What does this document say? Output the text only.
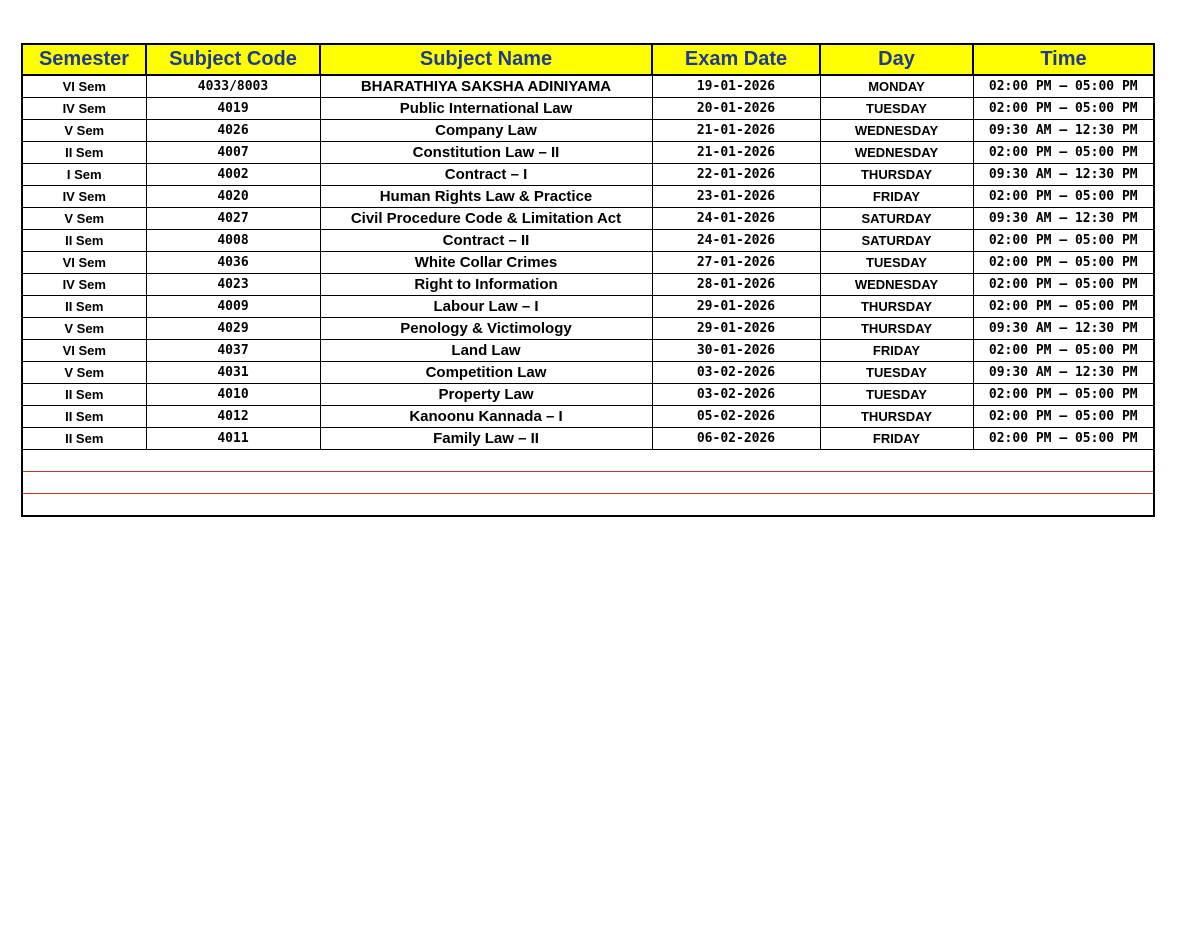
Semester	Subject Code	Subject Name	Exam Date	Day	Time
VI Sem	4033/8003	BHARATHIYA SAKSHA ADINIYAMA	19-01-2026	MONDAY	02:00 PM – 05:00 PM
IV Sem	4019	Public International Law	20-01-2026	TUESDAY	02:00 PM – 05:00 PM
V Sem	4026	Company Law	21-01-2026	WEDNESDAY	09:30 AM – 12:30 PM
II Sem	4007	Constitution Law – II	21-01-2026	WEDNESDAY	02:00 PM – 05:00 PM
I Sem	4002	Contract – I	22-01-2026	THURSDAY	09:30 AM – 12:30 PM
IV Sem	4020	Human Rights Law & Practice	23-01-2026	FRIDAY	02:00 PM – 05:00 PM
V Sem	4027	Civil Procedure Code & Limitation Act	24-01-2026	SATURDAY	09:30 AM – 12:30 PM
II Sem	4008	Contract – II	24-01-2026	SATURDAY	02:00 PM – 05:00 PM
VI Sem	4036	White Collar Crimes	27-01-2026	TUESDAY	02:00 PM – 05:00 PM
IV Sem	4023	Right to Information	28-01-2026	WEDNESDAY	02:00 PM – 05:00 PM
II Sem	4009	Labour Law – I	29-01-2026	THURSDAY	02:00 PM – 05:00 PM
V Sem	4029	Penology & Victimology	29-01-2026	THURSDAY	09:30 AM – 12:30 PM
VI Sem	4037	Land Law	30-01-2026	FRIDAY	02:00 PM – 05:00 PM
V Sem	4031	Competition Law	03-02-2026	TUESDAY	09:30 AM – 12:30 PM
II Sem	4010	Property Law	03-02-2026	TUESDAY	02:00 PM – 05:00 PM
II Sem	4012	Kanoonu Kannada – I	05-02-2026	THURSDAY	02:00 PM – 05:00 PM
II Sem	4011	Family Law – II	06-02-2026	FRIDAY	02:00 PM – 05:00 PM
